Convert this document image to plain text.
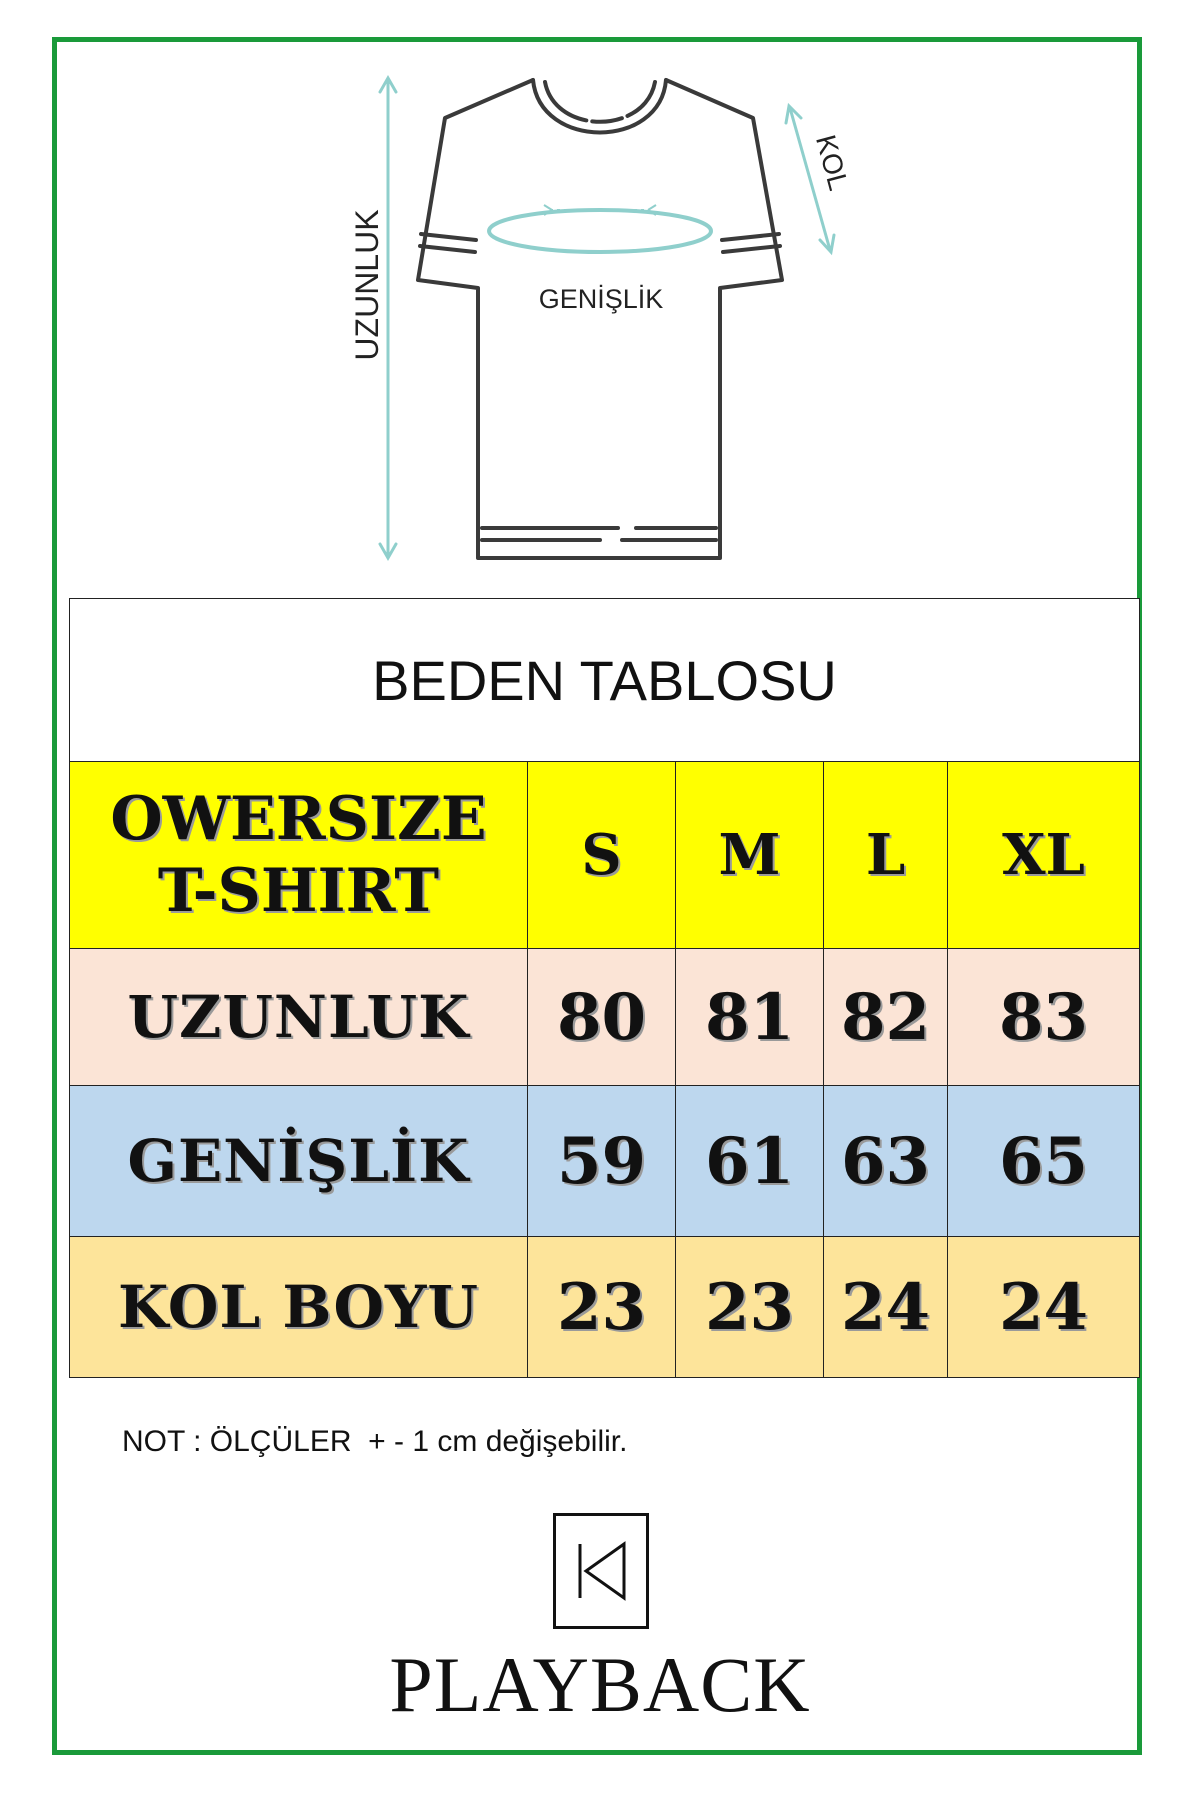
GENİŞLİK
UZUNLUK
KOL
BEDEN TABLOSU				

OWERSIZE
T-SHIRT	S	M	L	XL
UZUNLUK	80	81	82	83
GENİŞLİK	59	61	63	65
KOL BOYU	23	23	24	24
NOT : ÖLÇÜLER  + - 1 cm değişebilir.
PLAYBACK
